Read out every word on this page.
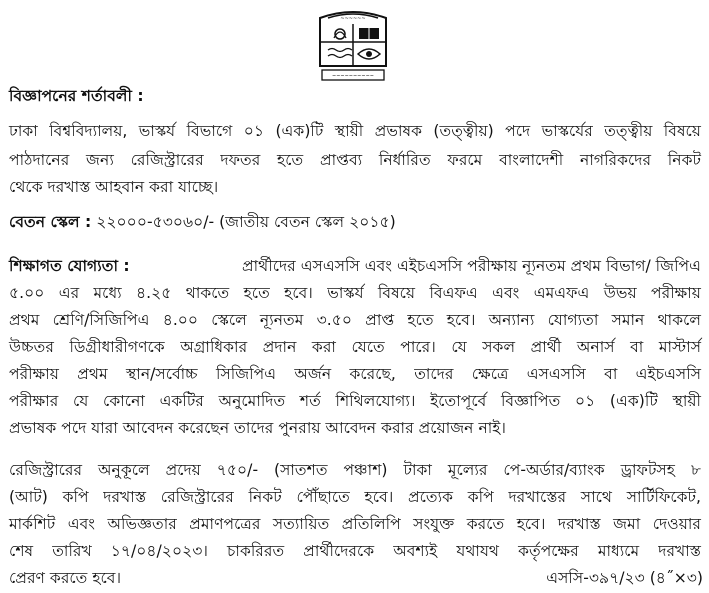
~~~~~~
~~~~~~~~~~
বিজ্ঞাপনের শর্তাবলী :
ঢাকা বিশ্ববিদ্যালয়, ভাস্কর্য বিভাগে ০১ (এক)টি স্থায়ী প্রভাষক (তত্ত্বীয়) পদে ভাস্কর্যের তত্ত্বীয় বিষয়ে
পাঠদানের জন্য রেজিস্ট্রারের দফতর হতে প্রাপ্তব্য নির্ধারিত ফরমে বাংলাদেশী নাগরিকদের নিকট
থেকে দরখাস্ত আহবান করা যাচ্ছে।
বেতন স্কেল : ২২০০০-৫৩০৬০/- (জাতীয় বেতন স্কেল ২০১৫)
শিক্ষাগত যোগ্যতা :	প্রার্থীদের এসএসসি এবং এইচএসসি পরীক্ষায় ন্যূনতম প্রথম বিভাগ/ জিপিএ
৫.০০ এর মধ্যে ৪.২৫ থাকতে হতে হবে। ভাস্কর্য বিষয়ে বিএফএ এবং এমএফএ উভয় পরীক্ষায়
প্রথম শ্রেণি/সিজিপিএ ৪.০০ স্কেলে ন্যূনতম ৩.৫০ প্রাপ্ত হতে হবে। অন্যান্য যোগ্যতা সমান থাকলে
উচ্চতর ডিগ্রীধারীগণকে অগ্রাধিকার প্রদান করা যেতে পারে। যে সকল প্রার্থী অনার্স বা মাস্টার্স
পরীক্ষায় প্রথম স্থান/সর্বোচ্চ সিজিপিএ অর্জন করেছে, তাদের ক্ষেত্রে এসএসসি বা এইচএসসি
পরীক্ষার যে কোনো একটির অনুমোদিত শর্ত শিথিলযোগ্য। ইতোপূর্বে বিজ্ঞাপিত ০১ (এক)টি স্থায়ী
প্রভাষক পদে যারা আবেদন করেছেন তাদের পুনরায় আবেদন করার প্রয়োজন নাই।
রেজিস্ট্রারের অনুকূলে প্রদেয় ৭৫০/- (সাতশত পঞ্চাশ) টাকা মূল্যের পে-অর্ডার/ব্যাংক ড্রাফটসহ ৮
(আট) কপি দরখাস্ত রেজিস্ট্রারের নিকট পৌঁছাতে হবে। প্রত্যেক কপি দরখাস্তের সাথে সার্টিফিকেট,
মার্কশিট এবং অভিজ্ঞতার প্রমাণপত্রের সত্যায়িত প্রতিলিপি সংযুক্ত করতে হবে। দরখাস্ত জমা দেওয়ার
শেষ তারিখ ১৭/০৪/২০২৩। চাকরিরত প্রার্থীদেরকে অবশ্যই যথাযথ কর্তৃপক্ষের মাধ্যমে দরখাস্ত
প্রেরণ করতে হবে।	এসসি-৩৯৭/২৩ (৪˝×৩)
